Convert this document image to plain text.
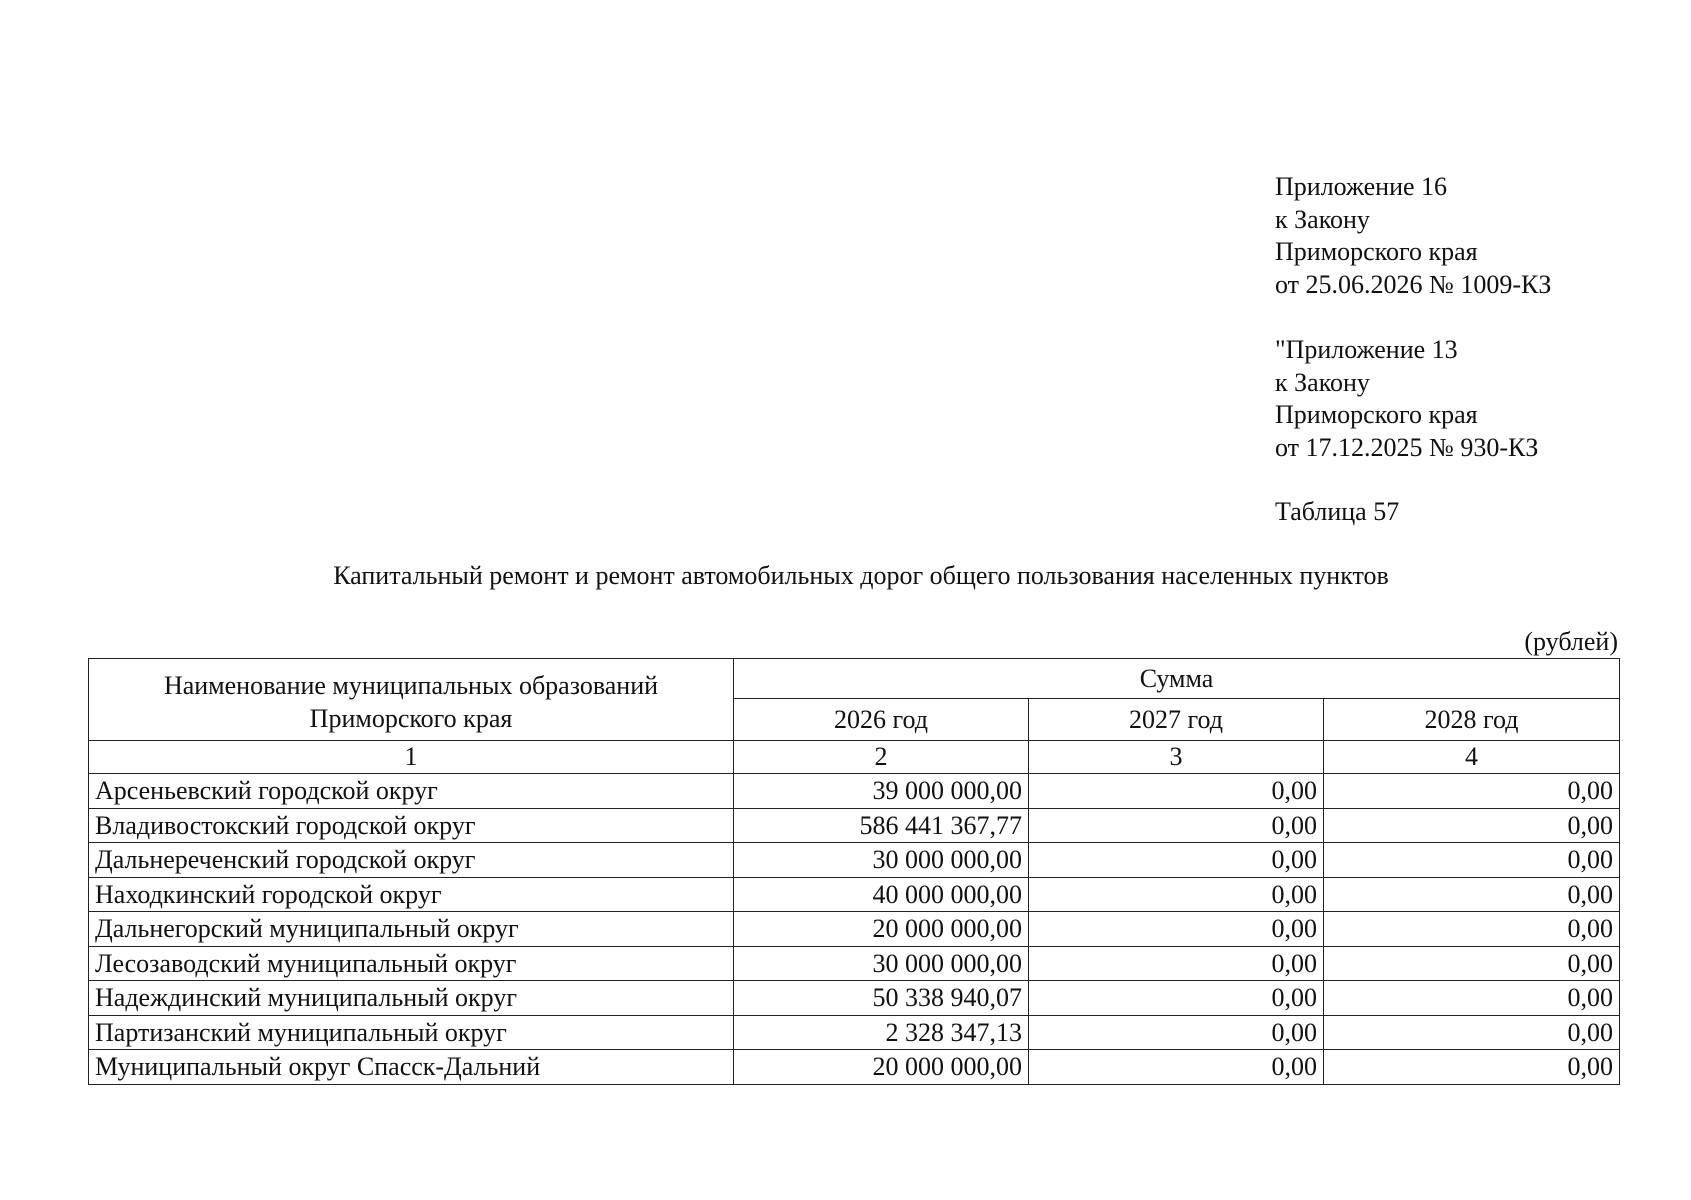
Приложение 16
к Закону
Приморского края
от 25.06.2026 № 1009-КЗ
"Приложение 13
к Закону
Приморского края
от 17.12.2025 № 930-КЗ
Таблица 57
Капитальный ремонт и ремонт автомобильных дорог общего пользования населенных пунктов
(рублей)
Наименование муниципальных образований
Приморского края	Сумма		
	2026 год	2027 год	2028 год
1	2	3	4
Арсеньевский городской округ	39 000 000,00	0,00	0,00
Владивостокский городской округ	586 441 367,77	0,00	0,00
Дальнереченский городской округ	30 000 000,00	0,00	0,00
Находкинский городской округ	40 000 000,00	0,00	0,00
Дальнегорский муниципальный округ	20 000 000,00	0,00	0,00
Лесозаводский муниципальный округ	30 000 000,00	0,00	0,00
Надеждинский муниципальный округ	50 338 940,07	0,00	0,00
Партизанский муниципальный округ	2 328 347,13	0,00	0,00
Муниципальный округ Спасск-Дальний	20 000 000,00	0,00	0,00
